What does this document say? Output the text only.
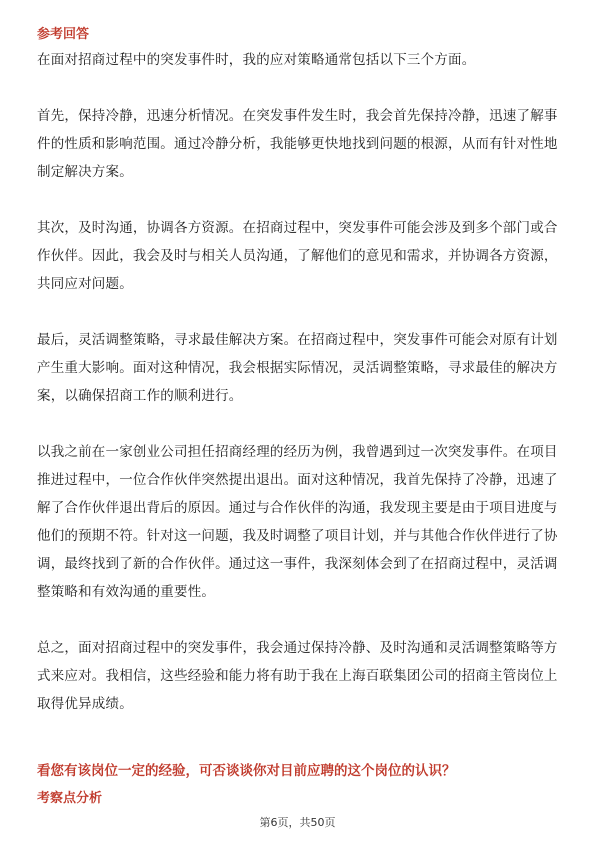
参考回答

在面对招商过程中的突发事件时，我的应对策略通常包括以下三个方面。

首先，保持冷静，迅速分析情况。在突发事件发生时，我会首先保持冷静，迅速了解事件的性质和影响范围。通过冷静分析，我能够更快地找到问题的根源，从而有针对性地制定解决方案。

其次，及时沟通，协调各方资源。在招商过程中，突发事件可能会涉及到多个部门或合作伙伴。因此，我会及时与相关人员沟通，了解他们的意见和需求，并协调各方资源，共同应对问题。

最后，灵活调整策略，寻求最佳解决方案。在招商过程中，突发事件可能会对原有计划产生重大影响。面对这种情况，我会根据实际情况，灵活调整策略，寻求最佳的解决方案，以确保招商工作的顺利进行。

以我之前在一家创业公司担任招商经理的经历为例，我曾遇到过一次突发事件。在项目推进过程中，一位合作伙伴突然提出退出。面对这种情况，我首先保持了冷静，迅速了解了合作伙伴退出背后的原因。通过与合作伙伴的沟通，我发现主要是由于项目进度与他们的预期不符。针对这一问题，我及时调整了项目计划，并与其他合作伙伴进行了协调，最终找到了新的合作伙伴。通过这一事件，我深刻体会到了在招商过程中，灵活调整策略和有效沟通的重要性。

总之，面对招商过程中的突发事件，我会通过保持冷静、及时沟通和灵活调整策略等方式来应对。我相信，这些经验和能力将有助于我在上海百联集团公司的招商主管岗位上取得优异成绩。

看您有该岗位一定的经验，可否谈谈你对目前应聘的这个岗位的认识？
考察点分析
第6页，共50页
